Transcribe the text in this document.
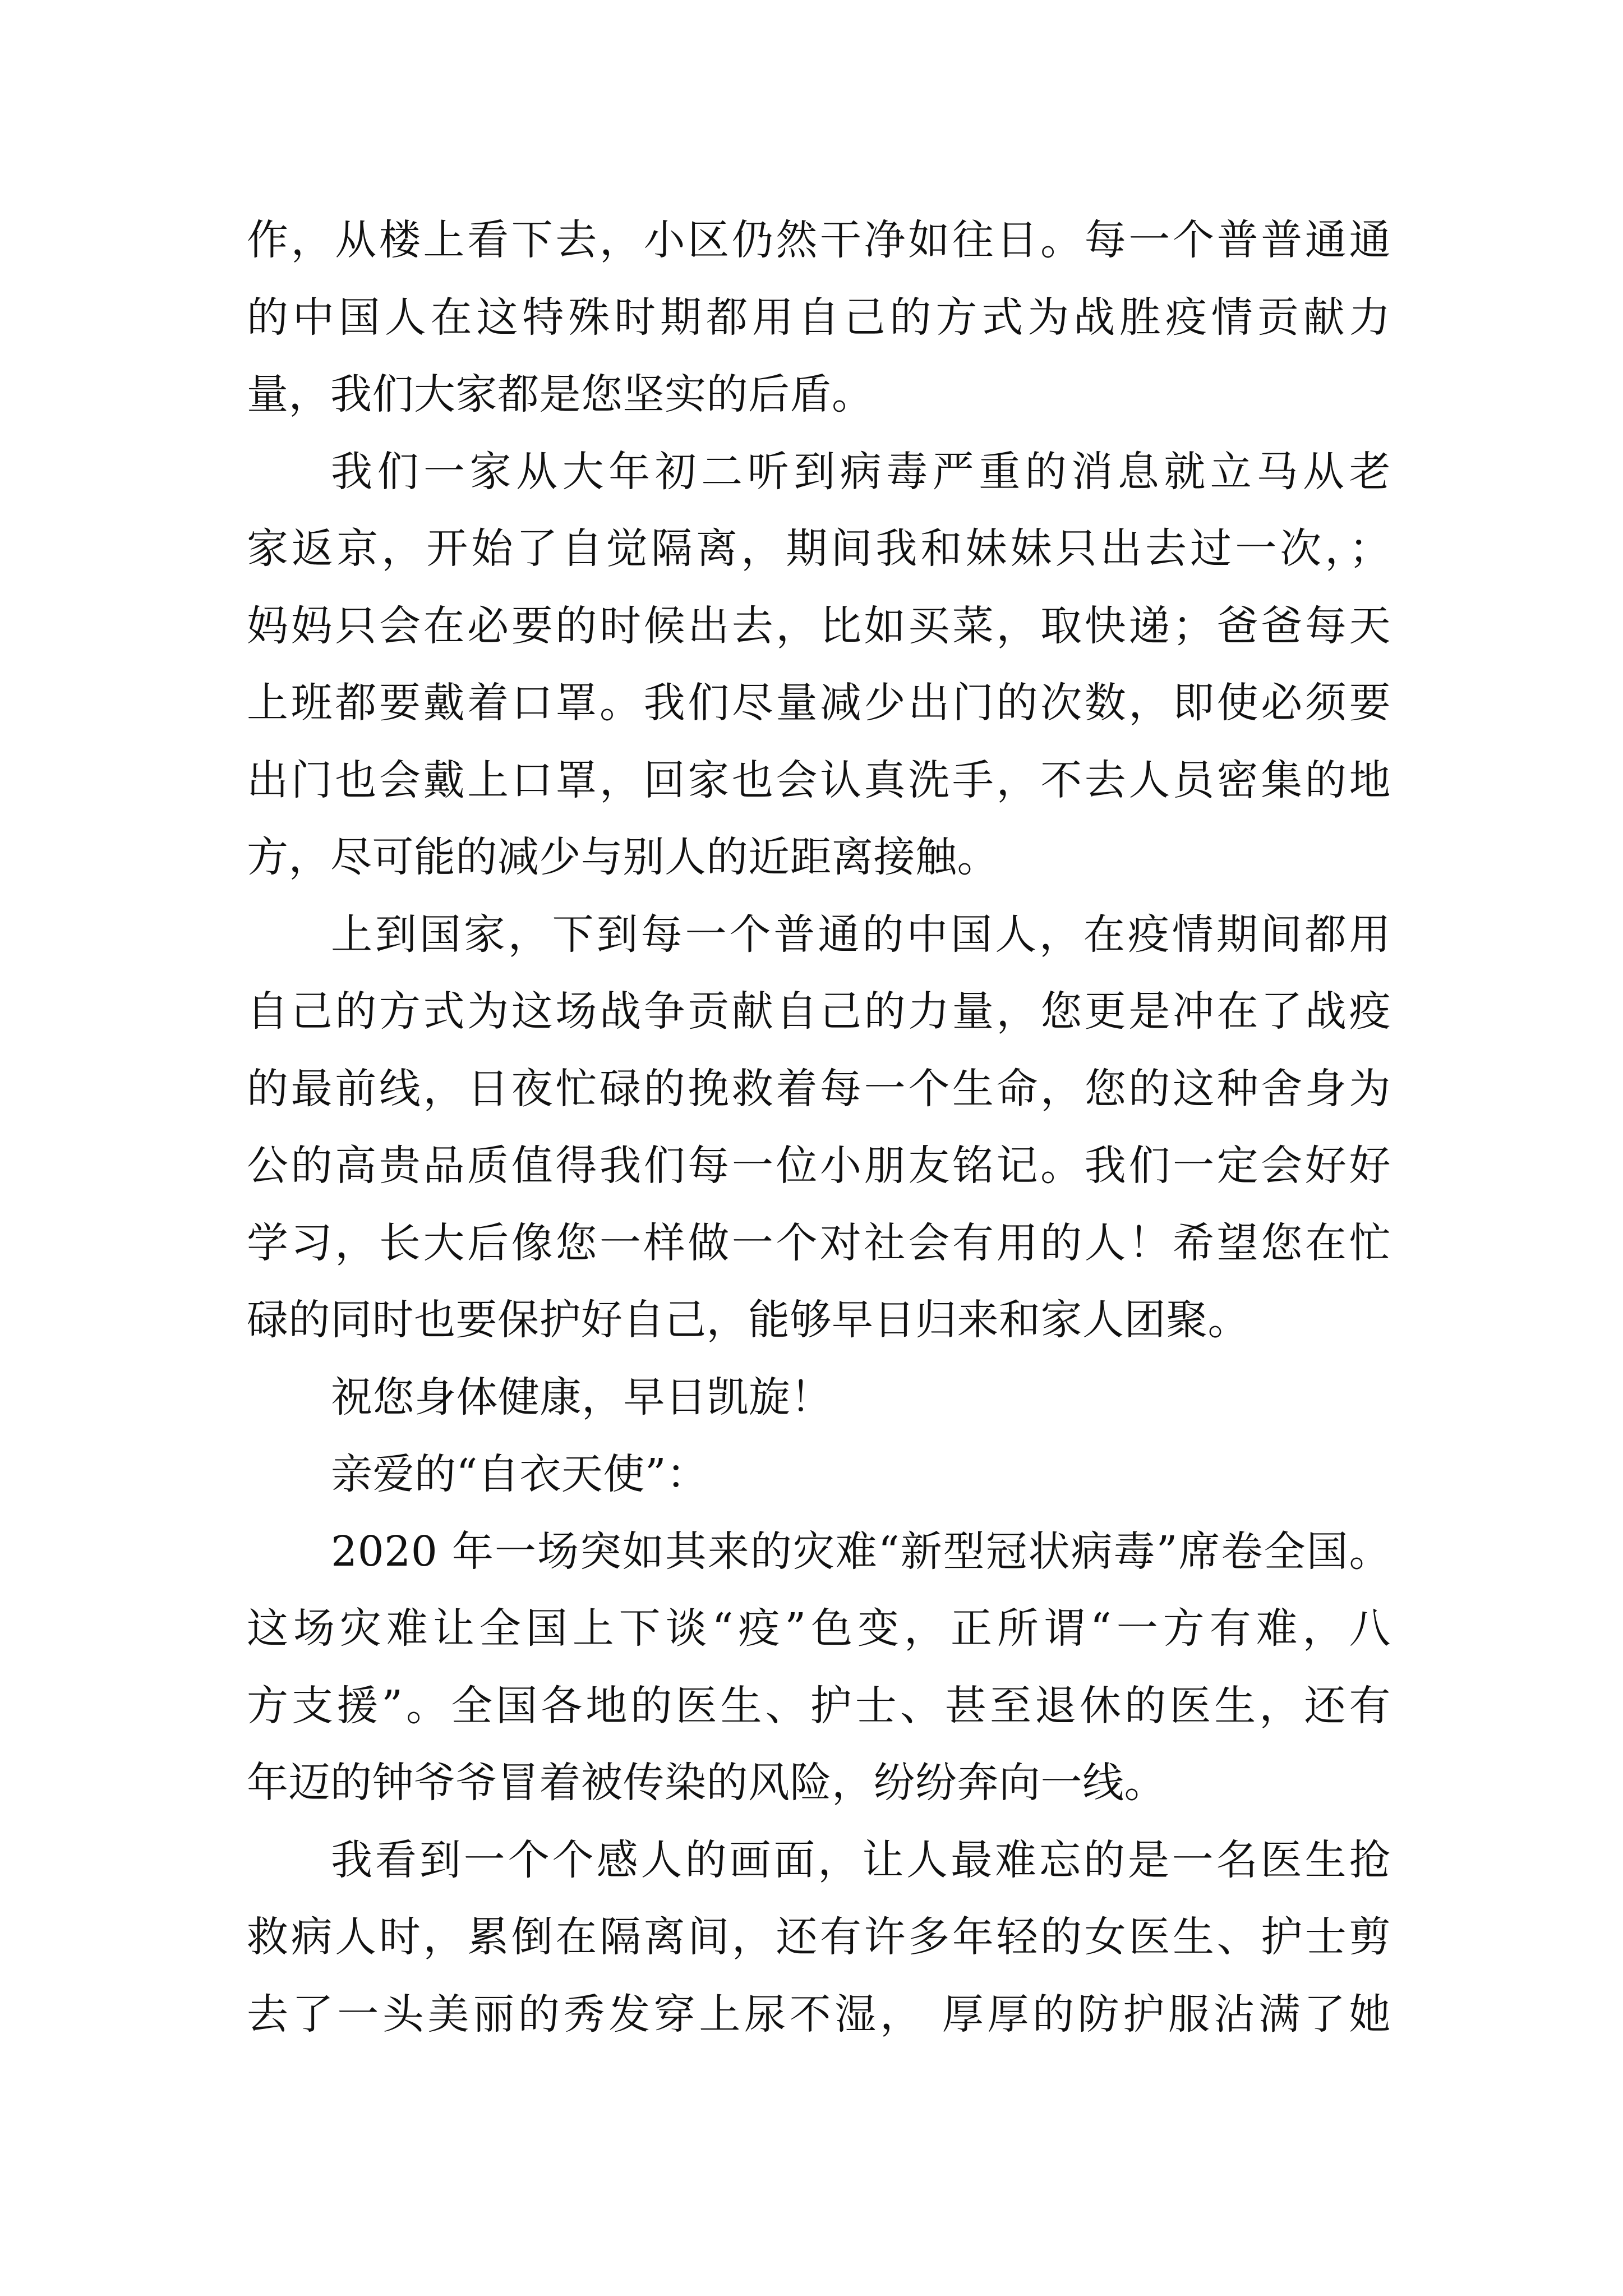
作，从楼上看下去，小区仍然干净如往日。每一个普普通通
的中国人在这特殊时期都用自己的方式为战胜疫情贡献力
量，我们大家都是您坚实的后盾。
我们一家从大年初二听到病毒严重的消息就立马从老
家返京，开始了自觉隔离，期间我和妹妹只出去过一次，；
妈妈只会在必要的时候出去，比如买菜，取快递；爸爸每天
上班都要戴着口罩。我们尽量减少出门的次数，即使必须要
出门也会戴上口罩，回家也会认真洗手，不去人员密集的地
方，尽可能的减少与别人的近距离接触。
上到国家，下到每一个普通的中国人，在疫情期间都用
自己的方式为这场战争贡献自己的力量，您更是冲在了战疫
的最前线，日夜忙碌的挽救着每一个生命，您的这种舍身为
公的高贵品质值得我们每一位小朋友铭记。我们一定会好好
学习，长大后像您一样做一个对社会有用的人！希望您在忙
碌的同时也要保护好自己，能够早日归来和家人团聚。
祝您身体健康，早日凯旋！
亲爱的“自衣天使”：
2020 年一场突如其来的灾难“新型冠状病毒”席卷全国。
这场灾难让全国上下谈“疫”色变，正所谓“一方有难，八
方支援”。全国各地的医生、护士、甚至退休的医生，还有
年迈的钟爷爷冒着被传染的风险，纷纷奔向一线。
我看到一个个感人的画面，让人最难忘的是一名医生抢
救病人时，累倒在隔离间，还有许多年轻的女医生、护士剪
去了一头美丽的秀发穿上尿不湿， 厚厚的防护服沾满了她
